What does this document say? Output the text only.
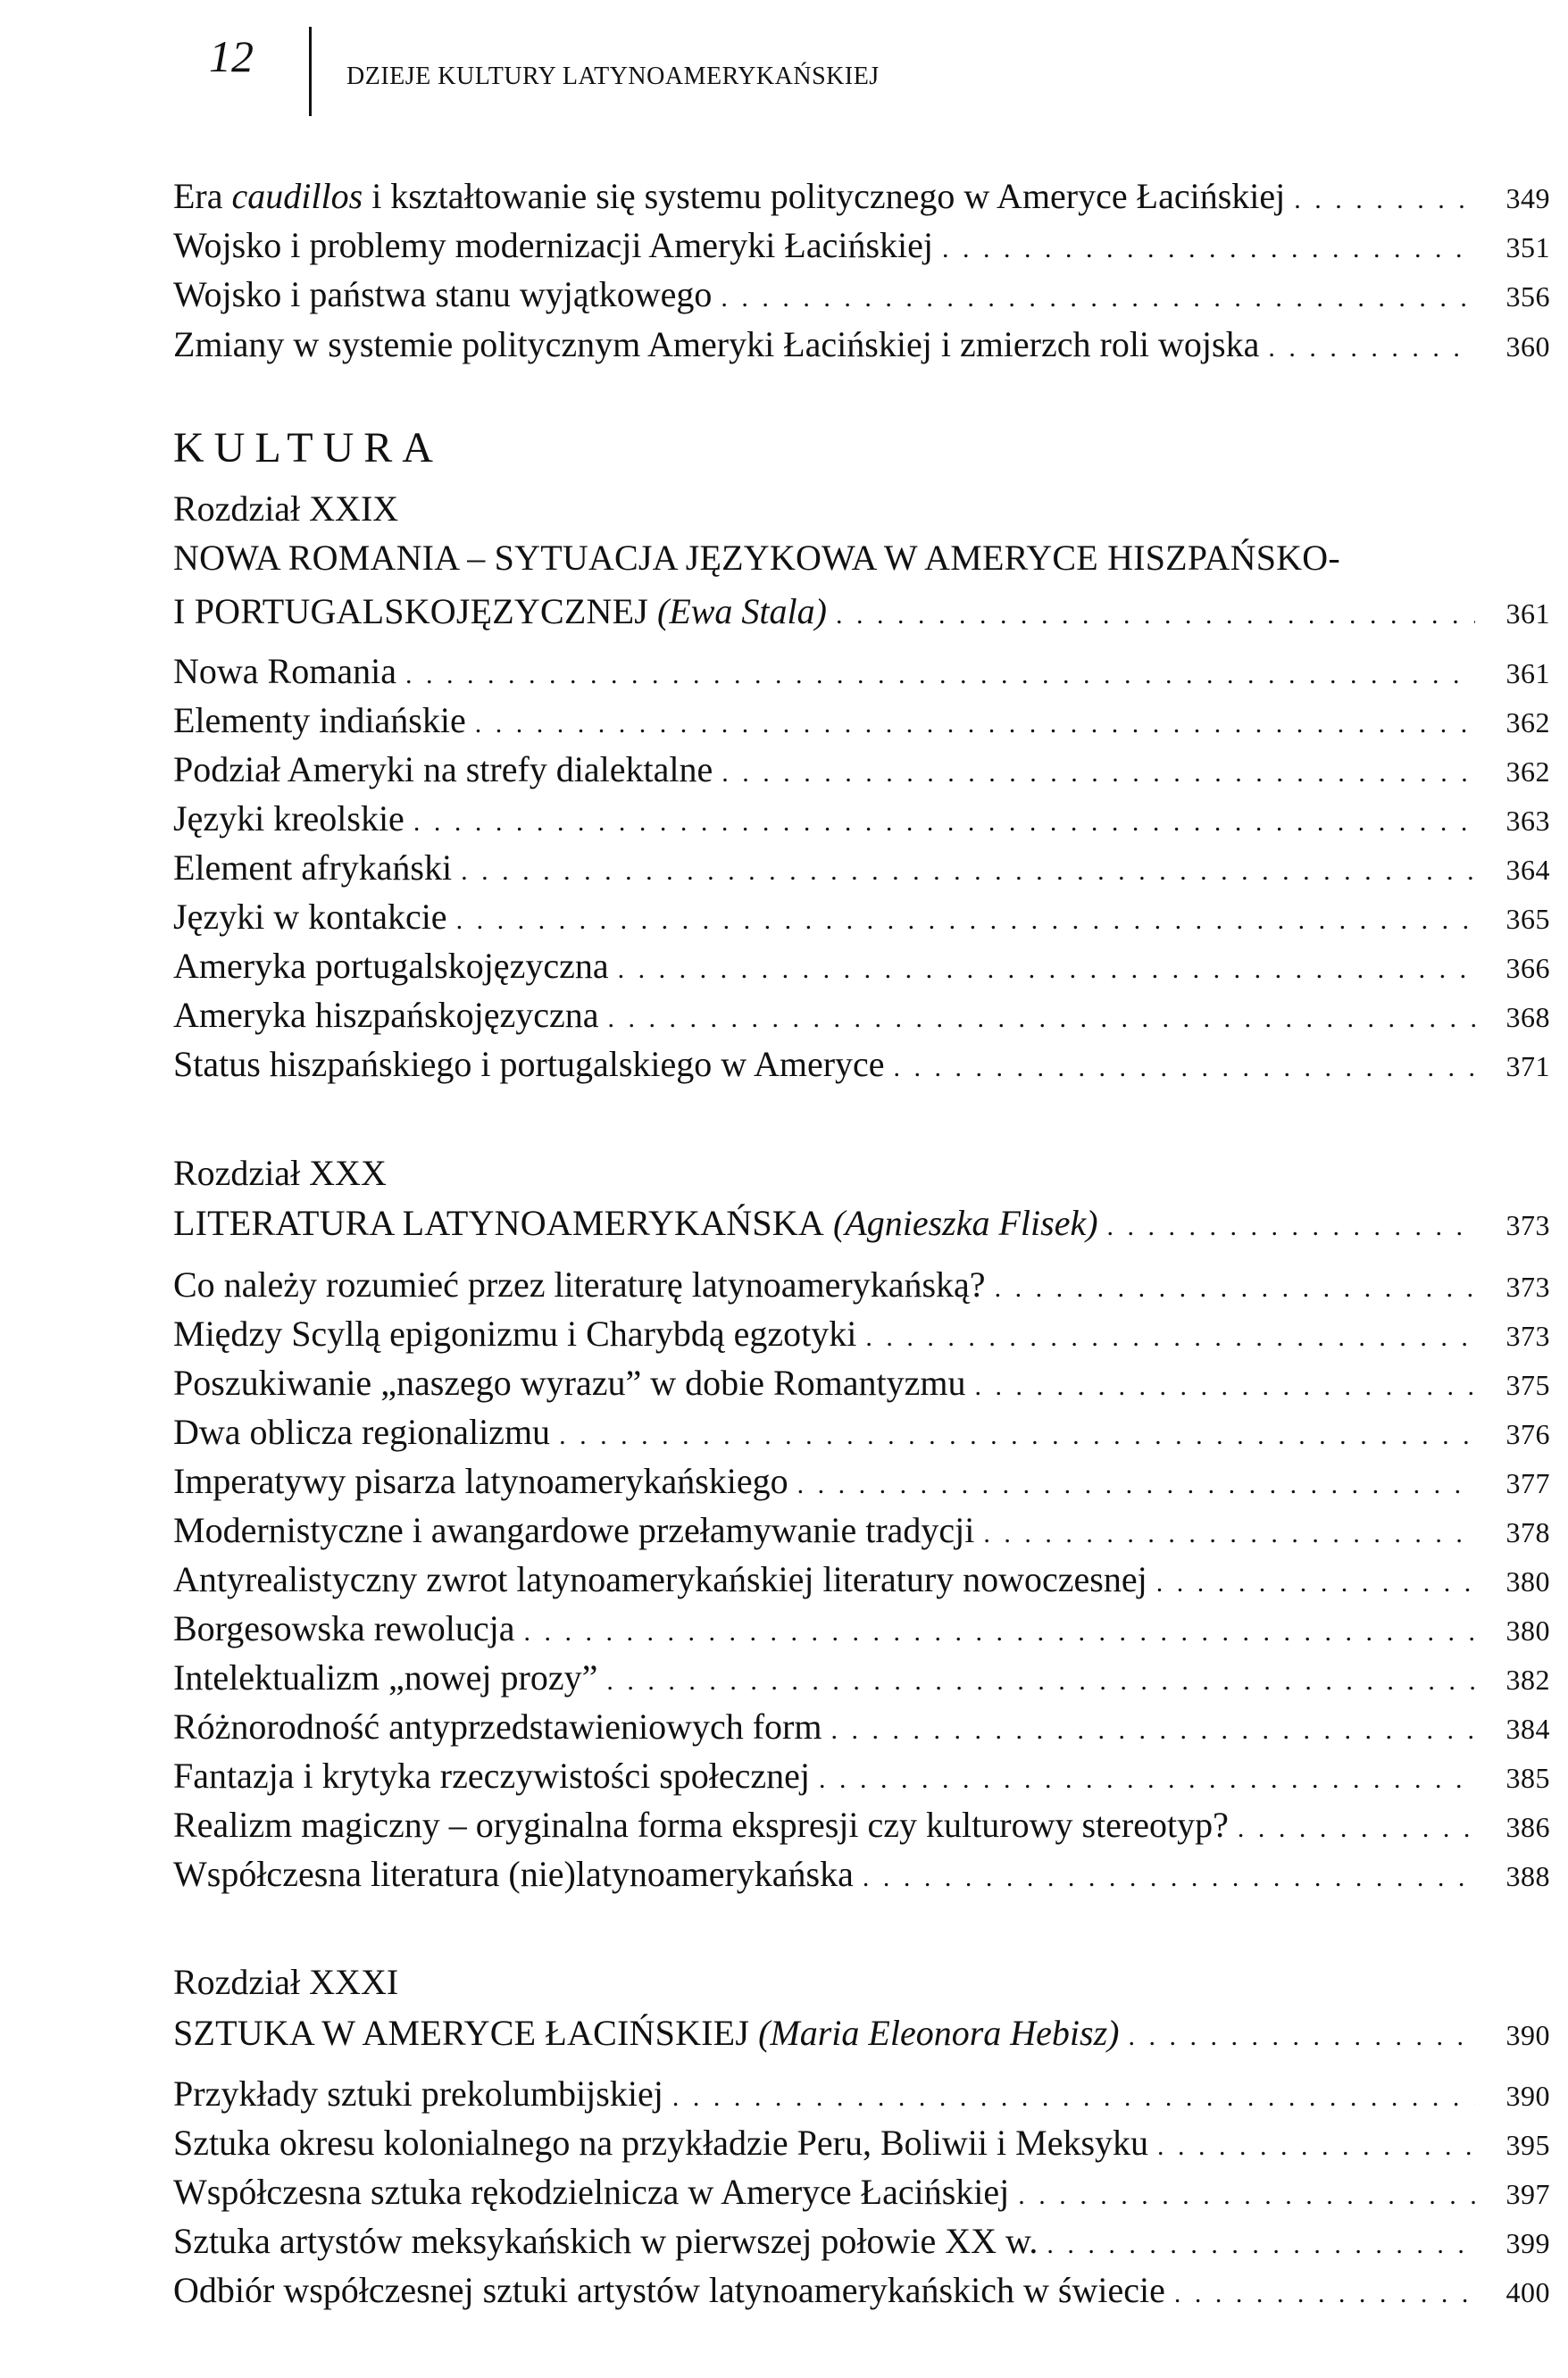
12	DZIEJE KULTURY LATYNOAMERYKAŃSKIEJ
Era caudillos i kształtowanie się systemu politycznego w Ameryce Łacińskiej . . .	349
Wojsko i problemy modernizacji Ameryki Łacińskiej . . .	351
Wojsko i państwa stanu wyjątkowego . . .	356
Zmiany w systemie politycznym Ameryki Łacińskiej i zmierzch roli wojska . . .	360
KULTURA
Rozdział XXIX
NOWA ROMANIA – SYTUACJA JĘZYKOWA W AMERYCE HISZPAŃSKO-
I PORTUGALSKOJĘZYCZNEJ (Ewa Stala) . . .	361
Nowa Romania . . .	361
Elementy indiańskie . . .	362
Podział Ameryki na strefy dialektalne . . .	362
Języki kreolskie . . .	363
Element afrykański . . .	364
Języki w kontakcie . . .	365
Ameryka portugalskojęzyczna . . .	366
Ameryka hiszpańskojęzyczna . . .	368
Status hiszpańskiego i portugalskiego w Ameryce . . .	371
Rozdział XXX
LITERATURA LATYNOAMERYKAŃSKA (Agnieszka Flisek) . . .	373
Co należy rozumieć przez literaturę latynoamerykańską? . . .	373
Między Scyllą epigonizmu i Charybdą egzotyki . . .	373
Poszukiwanie „naszego wyrazu” w dobie Romantyzmu . . .	375
Dwa oblicza regionalizmu . . .	376
Imperatywy pisarza latynoamerykańskiego . . .	377
Modernistyczne i awangardowe przełamywanie tradycji . . .	378
Antyrealistyczny zwrot latynoamerykańskiej literatury nowoczesnej . . .	380
Borgesowska rewolucja . . .	380
Intelektualizm „nowej prozy” . . .	382
Różnorodność antyprzedstawieniowych form . . .	384
Fantazja i krytyka rzeczywistości społecznej . . .	385
Realizm magiczny – oryginalna forma ekspresji czy kulturowy stereotyp? . . .	386
Współczesna literatura (nie)latynoamerykańska . . .	388
Rozdział XXXI
SZTUKA W AMERYCE ŁACIŃSKIEJ (Maria Eleonora Hebisz) . . .	390
Przykłady sztuki prekolumbijskiej . . .	390
Sztuka okresu kolonialnego na przykładzie Peru, Boliwii i Meksyku . . .	395
Współczesna sztuka rękodzielnicza w Ameryce Łacińskiej . . .	397
Sztuka artystów meksykańskich w pierwszej połowie XX w. . . .	399
Odbiór współczesnej sztuki artystów latynoamerykańskich w świecie . . .	400
